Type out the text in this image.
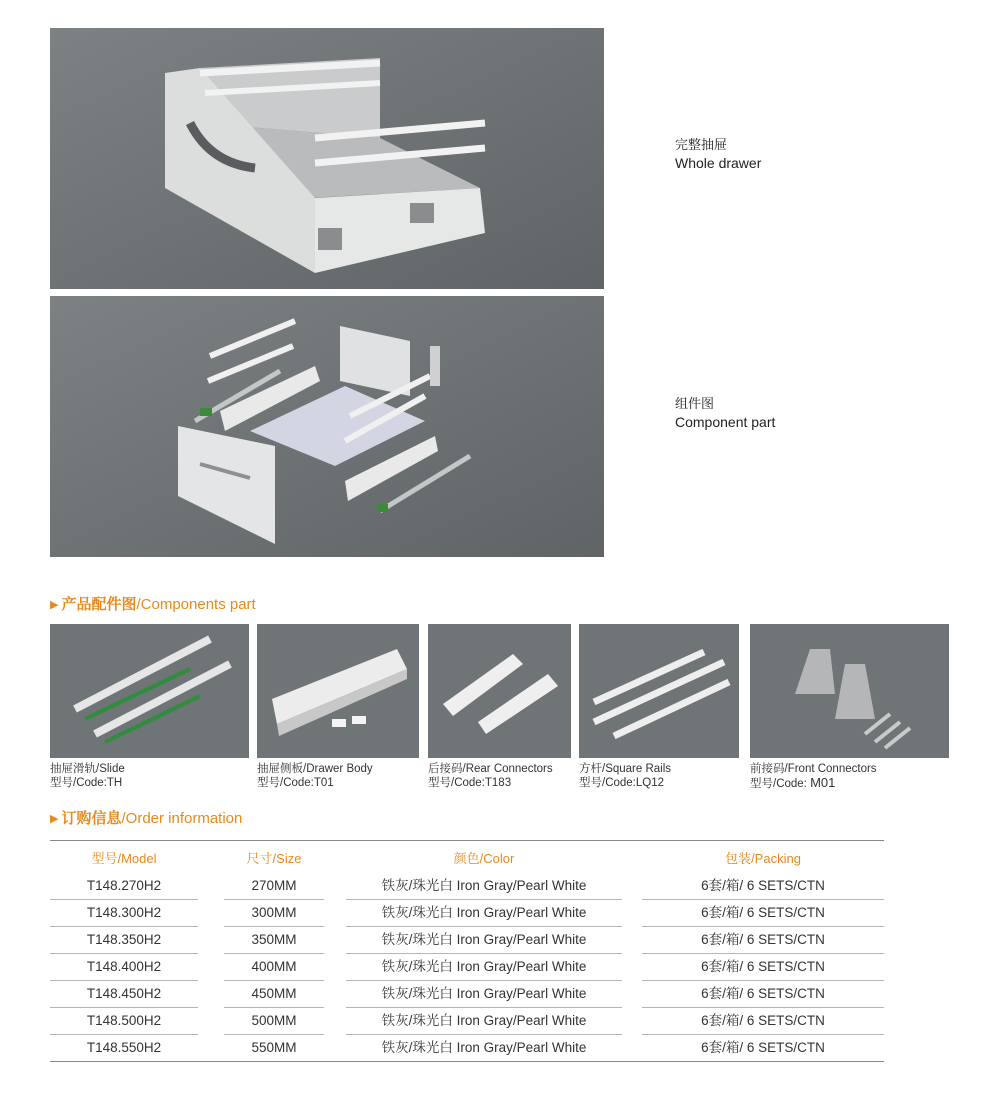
完整抽屉
Whole drawer
组件图
Component part
▶ 产品配件图/Components part
抽屉滑轨/Slide
型号/Code:TH
抽屉侧板/Drawer Body
型号/Code:T01
后接码/Rear Connectors
型号/Code:T183
方杆/Square Rails
型号/Code:LQ12
前接码/Front Connectors
型号/Code: M01
▶ 订购信息/Order information
型号/Model	尺寸/Size	颜色/Color	包装/Packing
T148.270H2	270MM	铁灰/珠光白 Iron Gray/Pearl White	6套/箱/ 6 SETS/CTN
T148.300H2	300MM	铁灰/珠光白 Iron Gray/Pearl White	6套/箱/ 6 SETS/CTN
T148.350H2	350MM	铁灰/珠光白 Iron Gray/Pearl White	6套/箱/ 6 SETS/CTN
T148.400H2	400MM	铁灰/珠光白 Iron Gray/Pearl White	6套/箱/ 6 SETS/CTN
T148.450H2	450MM	铁灰/珠光白 Iron Gray/Pearl White	6套/箱/ 6 SETS/CTN
T148.500H2	500MM	铁灰/珠光白 Iron Gray/Pearl White	6套/箱/ 6 SETS/CTN
T148.550H2	550MM	铁灰/珠光白 Iron Gray/Pearl White	6套/箱/ 6 SETS/CTN
